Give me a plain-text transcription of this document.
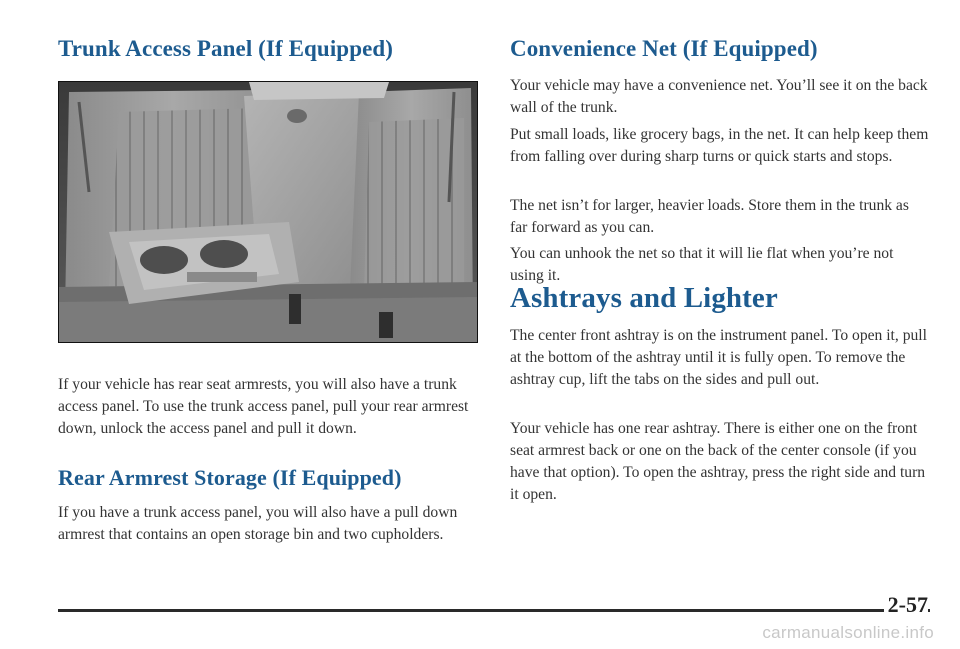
Trunk Access Panel (If Equipped)

If your vehicle has rear seat armrests, you will also have a trunk access panel. To use the trunk access panel, pull your rear armrest down, unlock the access panel and pull it down.

Rear Armrest Storage (If Equipped)

If you have a trunk access panel, you will also have a pull down armrest that contains an open storage bin and two cupholders.

Convenience Net (If Equipped)

Your vehicle may have a convenience net. You’ll see it on the back wall of the trunk.

Put small loads, like grocery bags, in the net. It can help keep them from falling over during sharp turns or quick starts and stops.

The net isn’t for larger, heavier loads. Store them in the trunk as far forward as you can.

You can unhook the net so that it will lie flat when you’re not using it.

Ashtrays and Lighter

The center front ashtray is on the instrument panel. To open it, pull at the bottom of the ashtray until it is fully open. To remove the ashtray cup, lift the tabs on the sides and pull out.

Your vehicle has one rear ashtray. There is either one on the front seat armrest back or one on the back of the center console (if you have that option). To open the ashtray, press the right side and turn it open.

2-57
carmanualsonline.info
